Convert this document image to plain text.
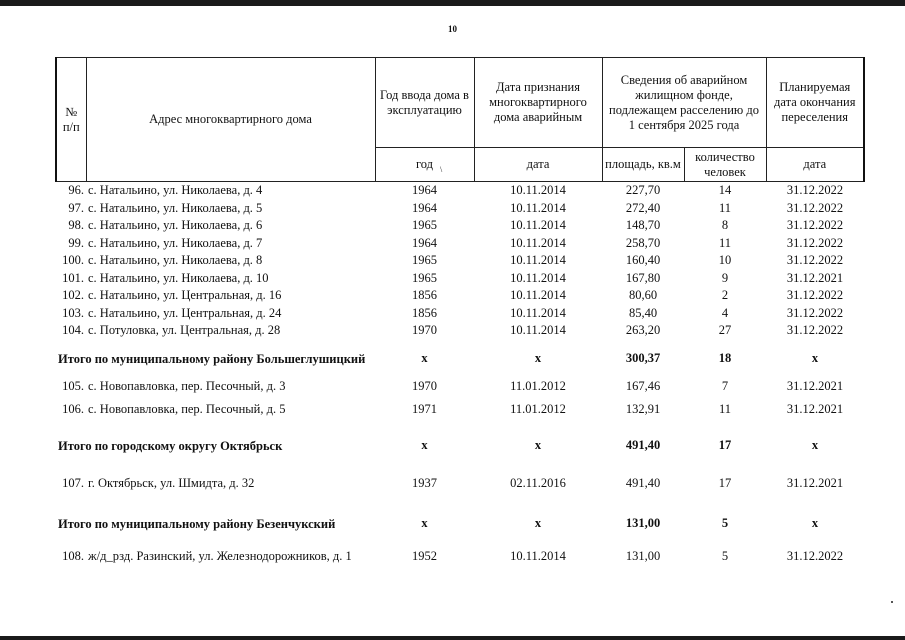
10
№ п/п	Адрес многоквартирного дома	Год ввода дома в эксплуатацию	Дата признания многоквартирного дома аварийным	Сведения об аварийном жилищном фонде, подлежащем расселению до 1 сентября 2025 года		Планируемая дата окончания переселения
		год	дата	площадь, кв.м	количество человек	дата
96.	с. Натальино, ул. Николаева, д. 4	1964	10.11.2014	227,70	14	31.12.2022
97.	с. Натальино, ул. Николаева, д. 5	1964	10.11.2014	272,40	11	31.12.2022
98.	с. Натальино, ул. Николаева, д. 6	1965	10.11.2014	148,70	8	31.12.2022
99.	с. Натальино, ул. Николаева, д. 7	1964	10.11.2014	258,70	11	31.12.2022
100.	с. Натальино, ул. Николаева, д. 8	1965	10.11.2014	160,40	10	31.12.2022
101.	с. Натальино, ул. Николаева, д. 10	1965	10.11.2014	167,80	9	31.12.2021
102.	с. Натальино, ул. Центральная, д. 16	1856	10.11.2014	80,60	2	31.12.2022
103.	с. Натальино, ул. Центральная, д. 24	1856	10.11.2014	85,40	4	31.12.2022
104.	с. Потуловка, ул. Центральная, д. 28	1970	10.11.2014	263,20	27	31.12.2022
Итого по муниципальному району Большеглушицкий		x	x	300,37	18	x
105.	с. Новопавловка, пер. Песочный, д. 3	1970	11.01.2012	167,46	7	31.12.2021
106.	с. Новопавловка, пер. Песочный, д. 5	1971	11.01.2012	132,91	11	31.12.2021
Итого по городскому округу Октябрьск		x	x	491,40	17	x
107.	г. Октябрьск, ул. Шмидта, д. 32	1937	02.11.2016	491,40	17	31.12.2021
Итого по муниципальному району Безенчукский		x	x	131,00	5	x
108.	ж/д_рзд. Разинский, ул. Железнодорожников, д. 1	1952	10.11.2014	131,00	5	31.12.2022
\
